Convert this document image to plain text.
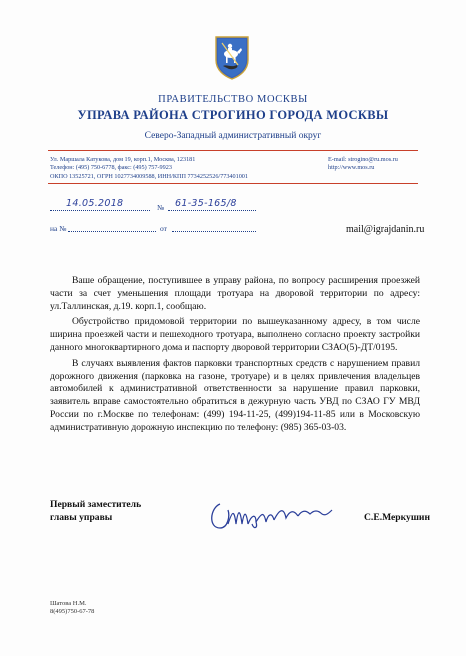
ПРАВИТЕЛЬСТВО МОСКВЫ
УПРАВА РАЙОНА СТРОГИНО ГОРОДА МОСКВЫ
Северо-Западный административный округ
Ул. Маршала Катукова, дом 19, корп.1, Москва, 123181
Телефон: (495) 750-6778, факс: (495) 757-9923
ОКПО 13525721, ОГРН 1027734009588, ИНН/КПП 7734252526/773401001
E-mail: strogino@ru.mos.ru
http://www.mos.ru
14.05.2018	№ 61-35-165/8
на №	от	mail@igrajdanin.ru

Ваше обращение, поступившее в управу района, по вопросу расширения проезжей части за счет уменьшения площади тротуара на дворовой территории по адресу: ул.Таллинская, д.19. корп.1, сообщаю.

Обустройство придомовой территории по вышеуказанному адресу, в том числе ширина проезжей части и пешеходного тротуара, выполнено согласно проекту застройки данного многоквартирного дома и паспорту дворовой территории СЗАО(5)-ДТ/0195.

В случаях выявления фактов парковки транспортных средств с нарушением правил дорожного движения (парковка на газоне, тротуаре) и в целях привлечения владельцев автомобилей к административной ответственности за нарушение правил парковки, заявитель вправе самостоятельно обратиться в дежурную часть УВД по СЗАО ГУ МВД России по г.Москве по телефонам: (499) 194-11-25, (499)194-11-85 или в Московскую административную дорожную инспекцию по телефону: (985) 365-03-03.

Первый заместитель
главы управы	С.Е.Меркушин
Шатова Н.М.
8(495)750-67-78
